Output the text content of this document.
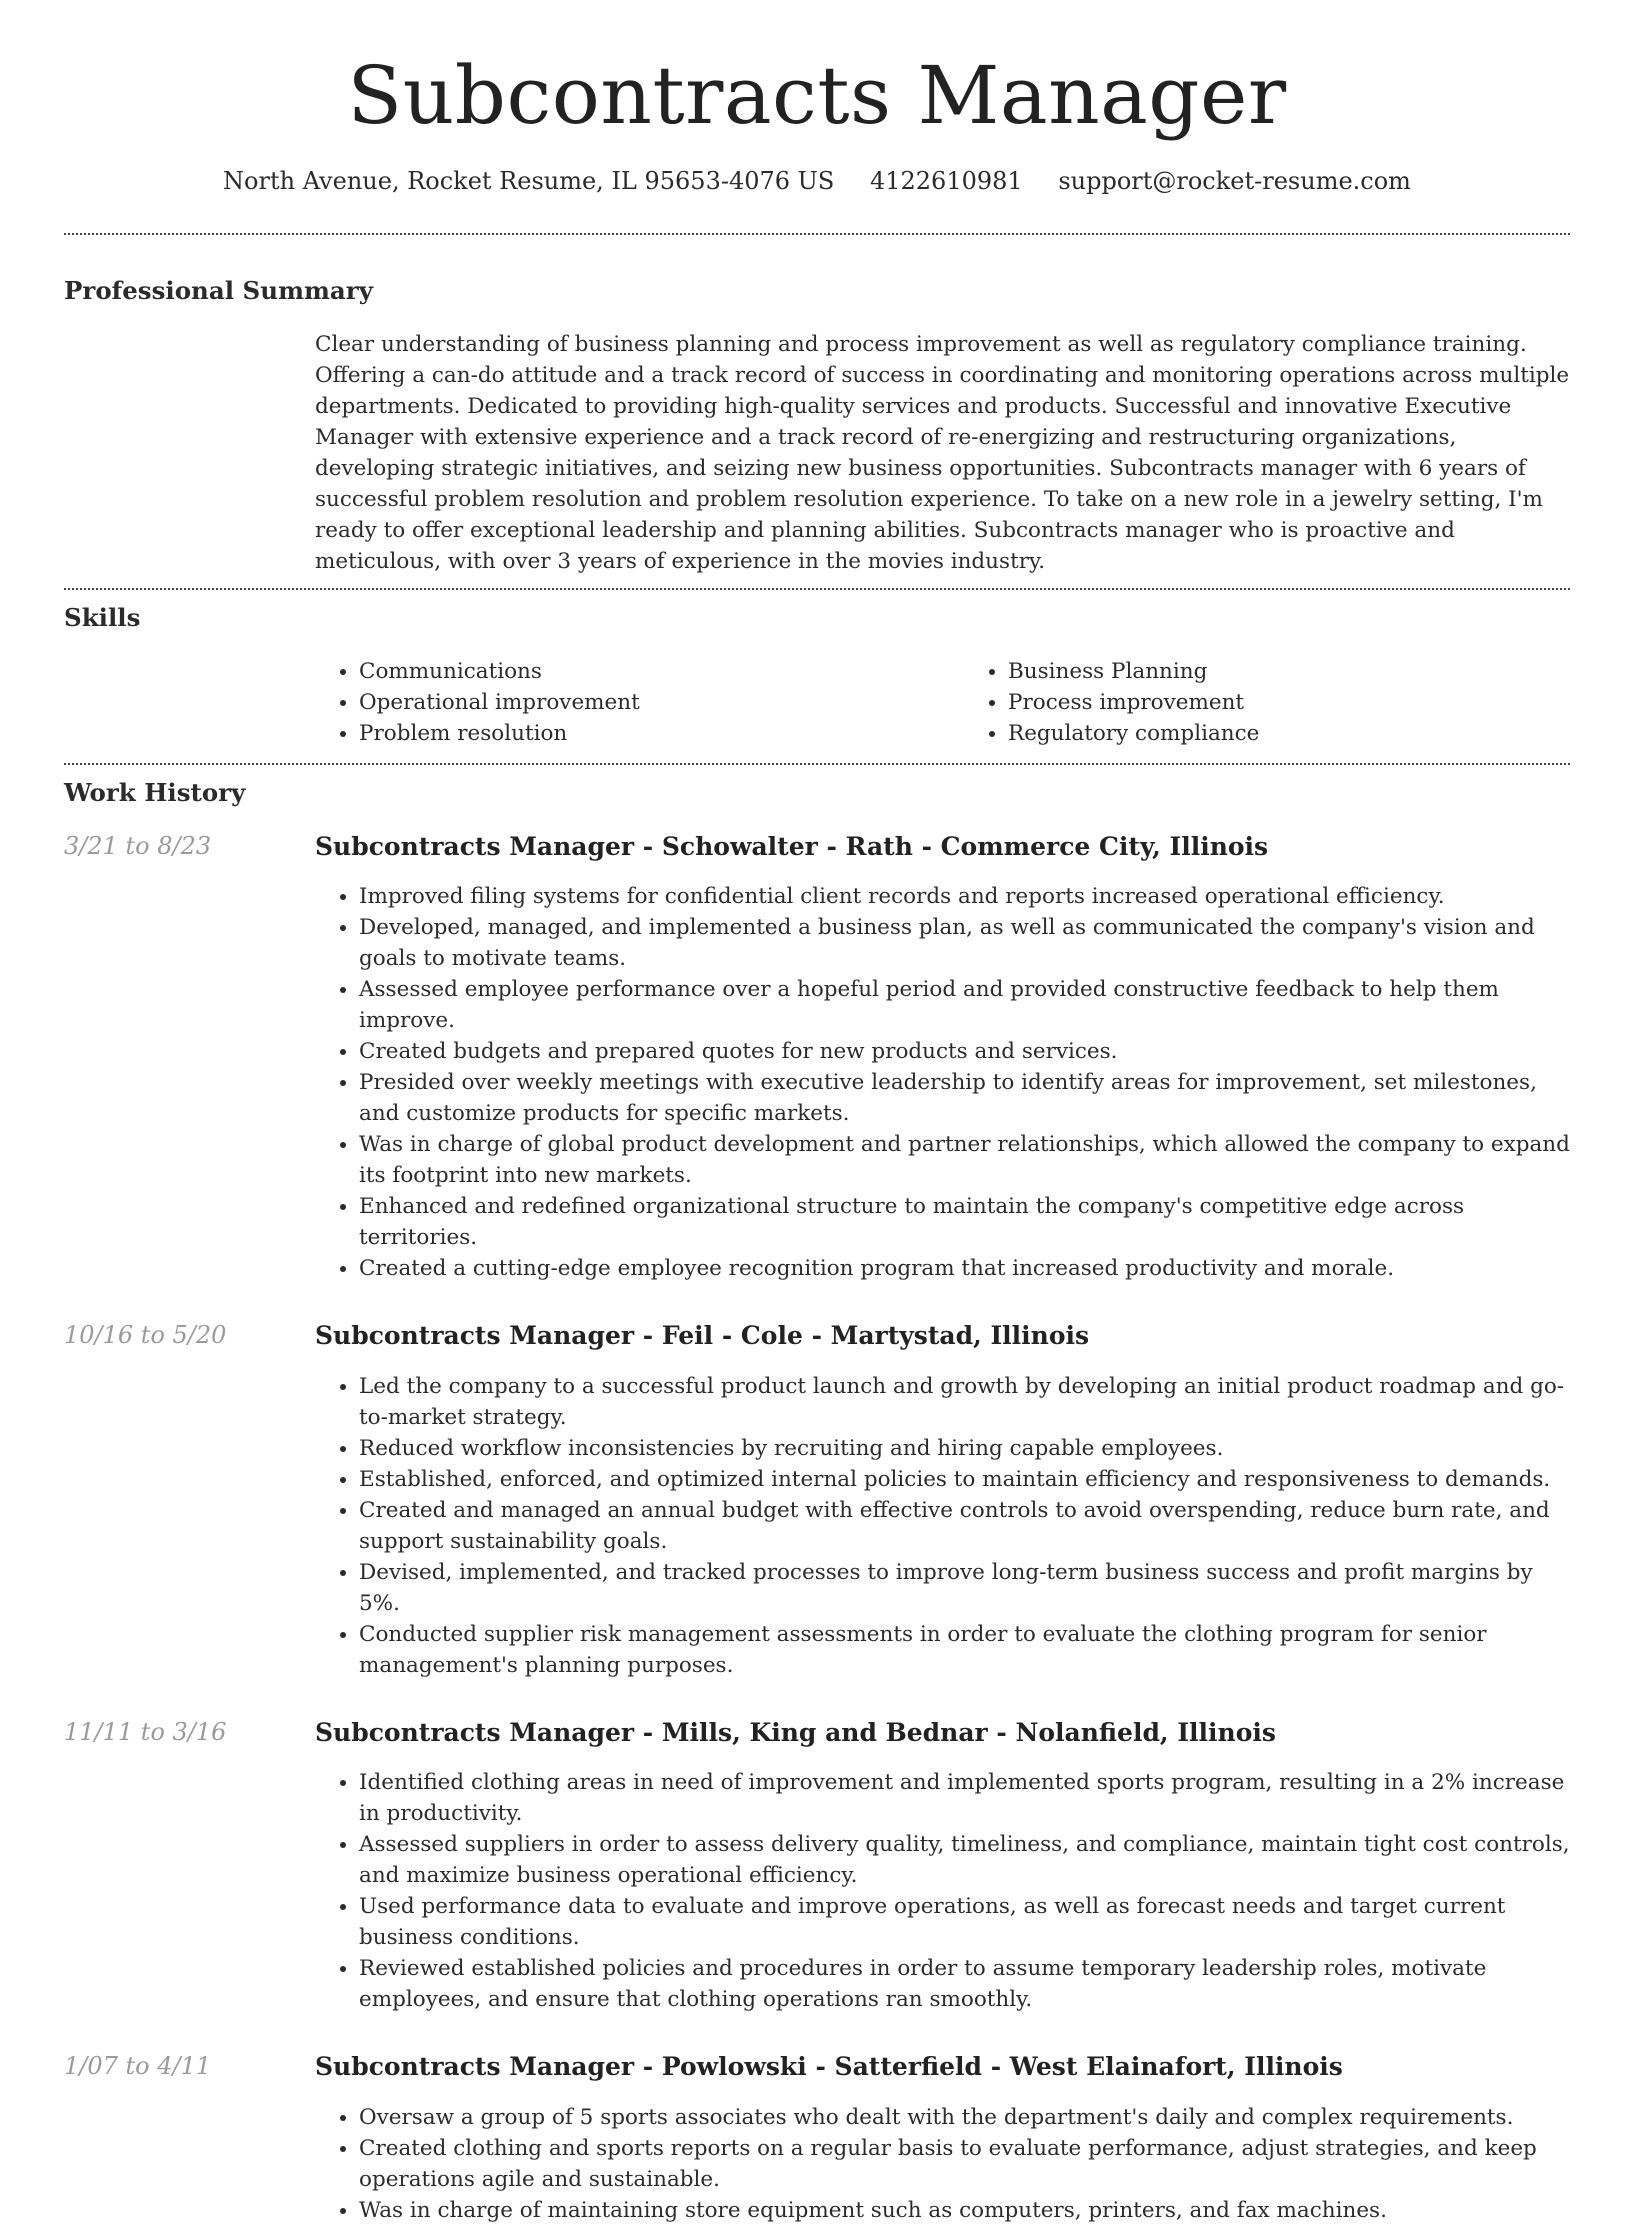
Subcontracts Manager
North Avenue, Rocket Resume, IL 95653-4076 US 4122610981 support@rocket-resume.com
Professional Summary

Clear understanding of business planning and process improvement as well as regulatory compliance training. Offering a can-do attitude and a track record of success in coordinating and monitoring operations across multiple departments. Dedicated to providing high-quality services and products. Successful and innovative Executive Manager with extensive experience and a track record of re-energizing and restructuring organizations, developing strategic initiatives, and seizing new business opportunities. Subcontracts manager with 6 years of successful problem resolution and problem resolution experience. To take on a new role in a jewelry setting, I'm ready to offer exceptional leadership and planning abilities. Subcontracts manager who is proactive and meticulous, with over 3 years of experience in the movies industry.

Skills
• Communications
• Operational improvement
• Problem resolution
• Business Planning
• Process improvement
• Regulatory compliance
Work History
3/21 to 8/23	Subcontracts Manager - Schowalter - Rath - Commerce City, Illinois
• Improved filing systems for confidential client records and reports increased operational efficiency.
• Developed, managed, and implemented a business plan, as well as communicated the company's vision and goals to motivate teams.
• Assessed employee performance over a hopeful period and provided constructive feedback to help them improve.
• Created budgets and prepared quotes for new products and services.
• Presided over weekly meetings with executive leadership to identify areas for improvement, set milestones, and customize products for specific markets.
• Was in charge of global product development and partner relationships, which allowed the company to expand its footprint into new markets.
• Enhanced and redefined organizational structure to maintain the company's competitive edge across territories.
• Created a cutting-edge employee recognition program that increased productivity and morale.
10/16 to 5/20	Subcontracts Manager - Feil - Cole - Martystad, Illinois
• Led the company to a successful product launch and growth by developing an initial product roadmap and go-to-market strategy.
• Reduced workflow inconsistencies by recruiting and hiring capable employees.
• Established, enforced, and optimized internal policies to maintain efficiency and responsiveness to demands.
• Created and managed an annual budget with effective controls to avoid overspending, reduce burn rate, and support sustainability goals.
• Devised, implemented, and tracked processes to improve long-term business success and profit margins by 5%.
• Conducted supplier risk management assessments in order to evaluate the clothing program for senior management's planning purposes.
11/11 to 3/16	Subcontracts Manager - Mills, King and Bednar - Nolanfield, Illinois
• Identified clothing areas in need of improvement and implemented sports program, resulting in a 2% increase in productivity.
• Assessed suppliers in order to assess delivery quality, timeliness, and compliance, maintain tight cost controls, and maximize business operational efficiency.
• Used performance data to evaluate and improve operations, as well as forecast needs and target current business conditions.
• Reviewed established policies and procedures in order to assume temporary leadership roles, motivate employees, and ensure that clothing operations ran smoothly.
1/07 to 4/11	Subcontracts Manager - Powlowski - Satterfield - West Elainafort, Illinois
• Oversaw a group of 5 sports associates who dealt with the department's daily and complex requirements.
• Created clothing and sports reports on a regular basis to evaluate performance, adjust strategies, and keep operations agile and sustainable.
• Was in charge of maintaining store equipment such as computers, printers, and fax machines.
